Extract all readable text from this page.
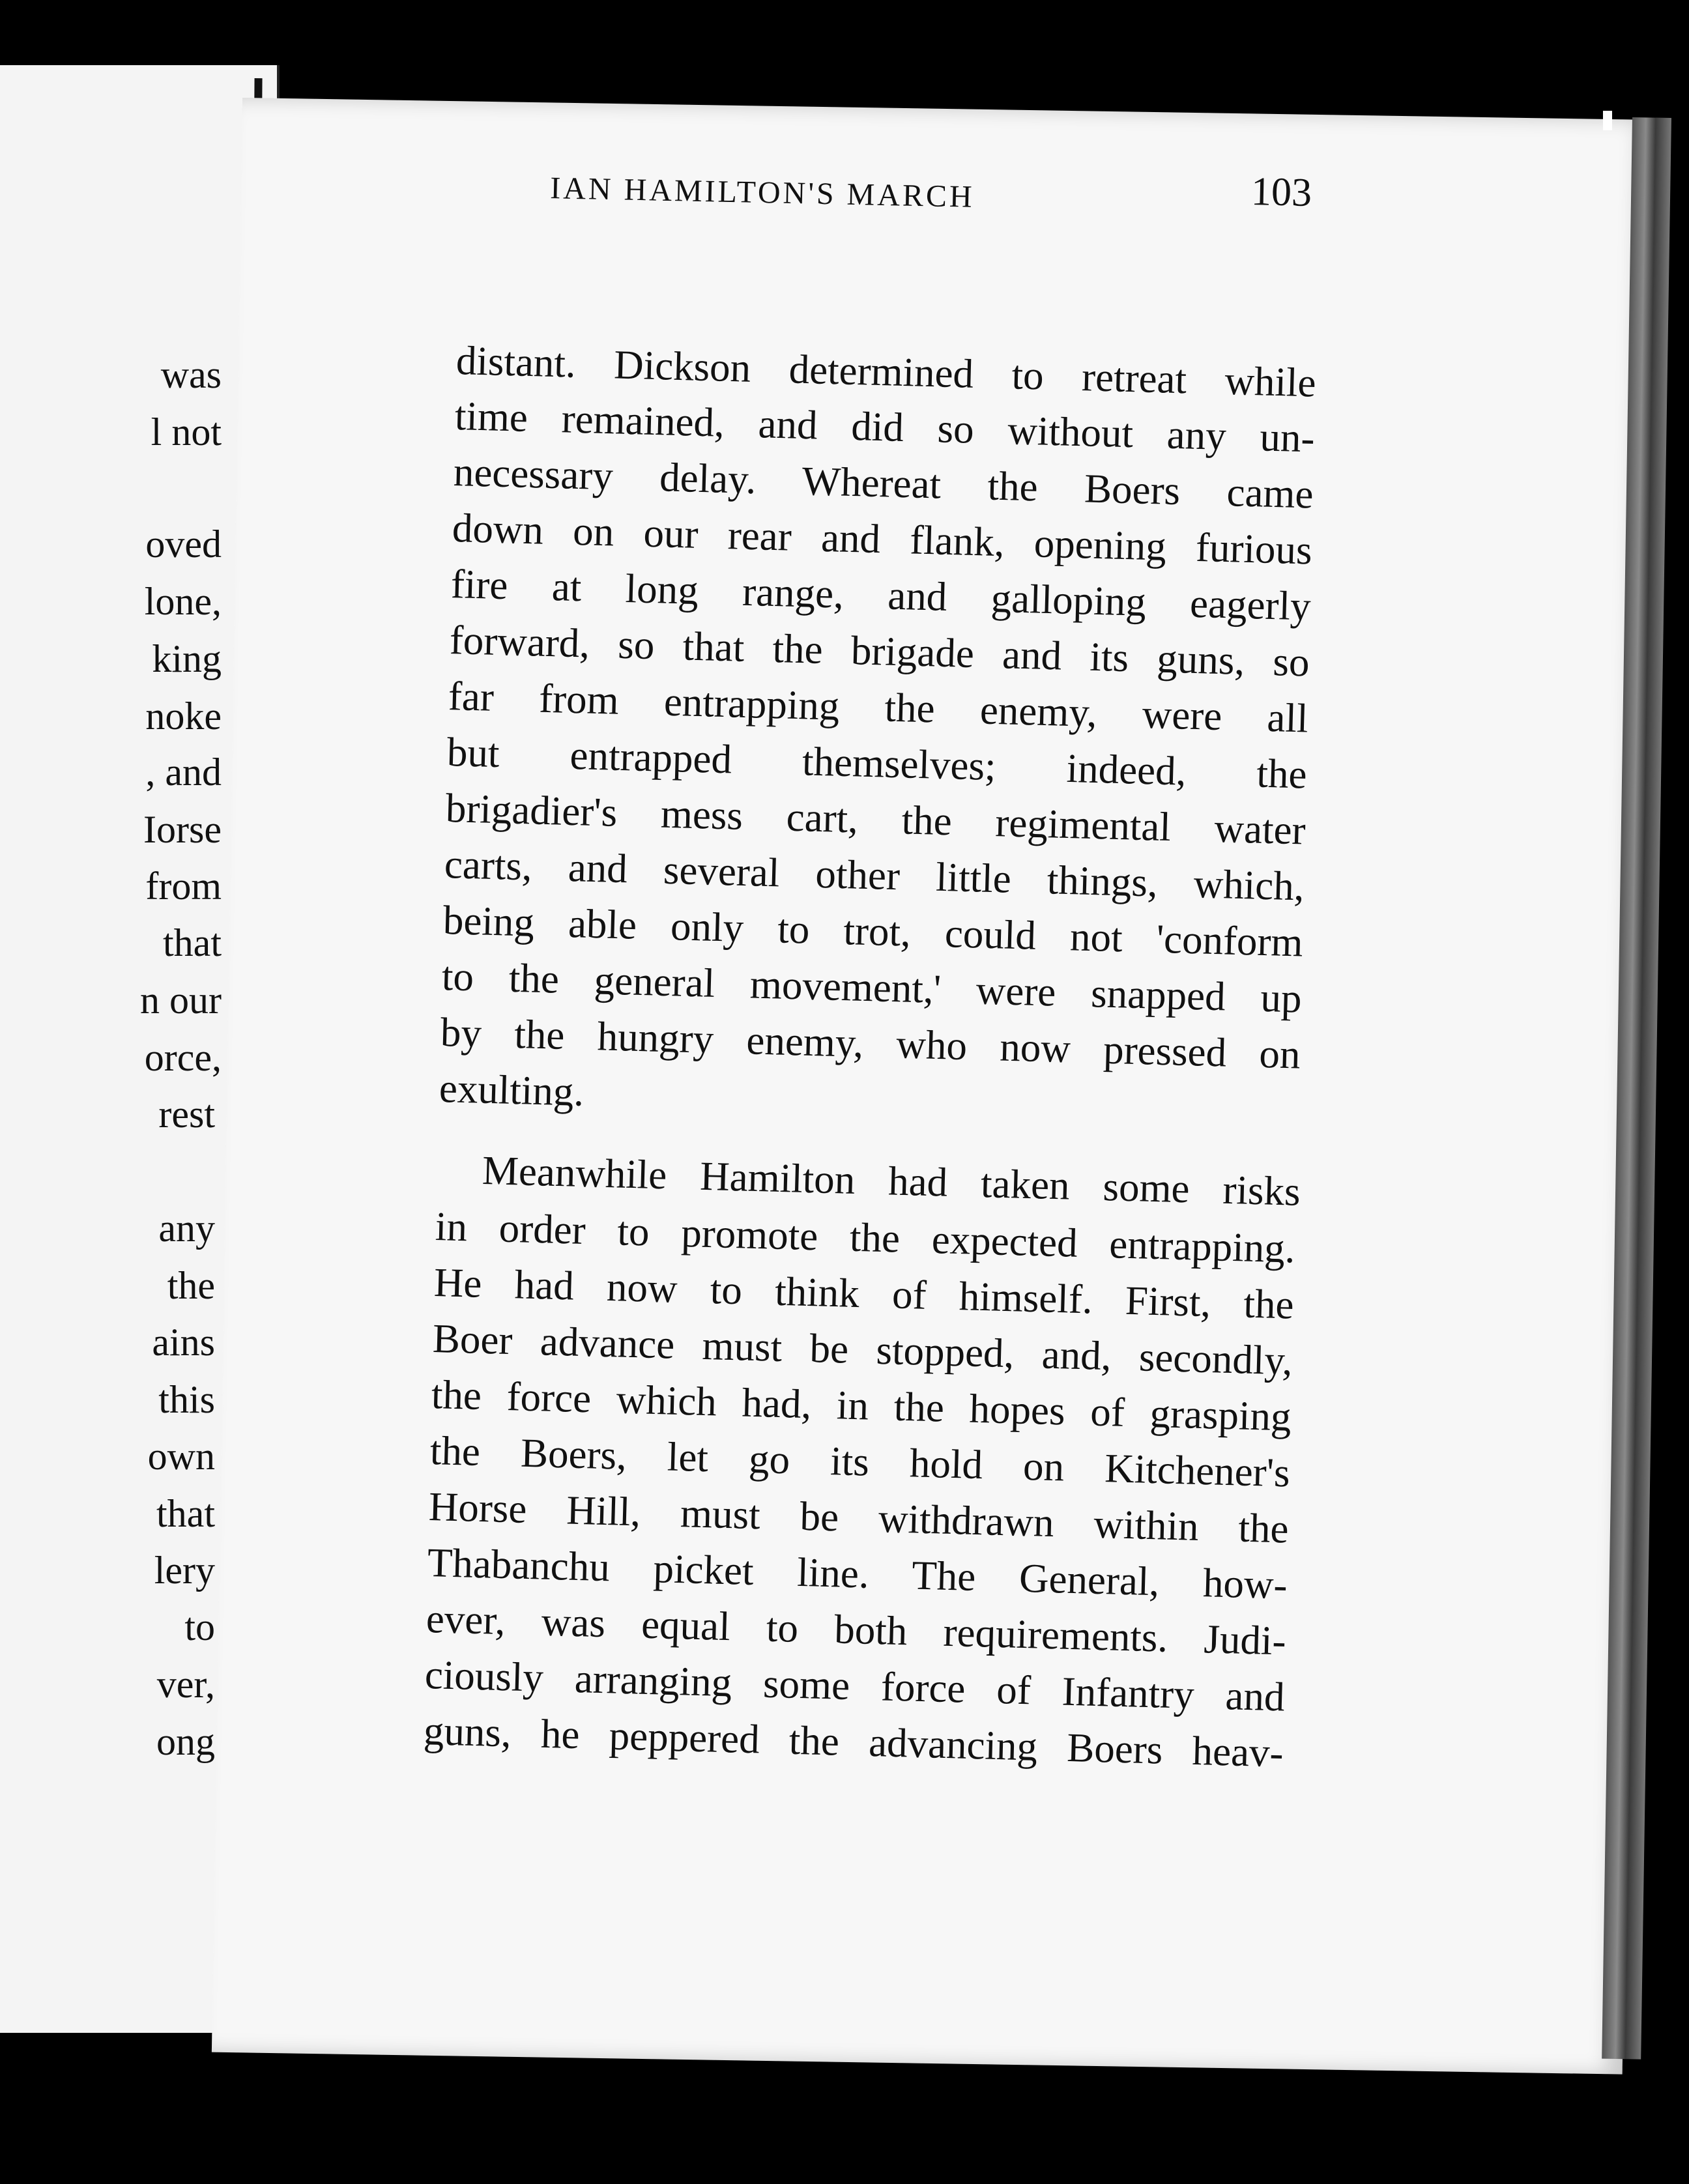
was
l not
oved
lone,
king
noke
, and
Iorse
from
that
n our
orce,
rest
any
the
ains
this
own
that
lery
to
ver,
ong
IAN HAMILTON'S MARCH	103
distant. Dickson determined to retreat while
time remained, and did so without any un-
necessary delay. Whereat the Boers came
down on our rear and flank, opening furious
fire at long range, and galloping eagerly
forward, so that the brigade and its guns, so
far from entrapping the enemy, were all
but entrapped themselves; indeed, the
brigadier's mess cart, the regimental water
carts, and several other little things, which,
being able only to trot, could not 'conform
to the general movement,' were snapped up
by the hungry enemy, who now pressed on
exulting.
Meanwhile Hamilton had taken some risks
in order to promote the expected entrapping.
He had now to think of himself. First, the
Boer advance must be stopped, and, secondly,
the force which had, in the hopes of grasping
the Boers, let go its hold on Kitchener's
Horse Hill, must be withdrawn within the
Thabanchu picket line. The General, how-
ever, was equal to both requirements. Judi-
ciously arranging some force of Infantry and
guns, he peppered the advancing Boers heav-
